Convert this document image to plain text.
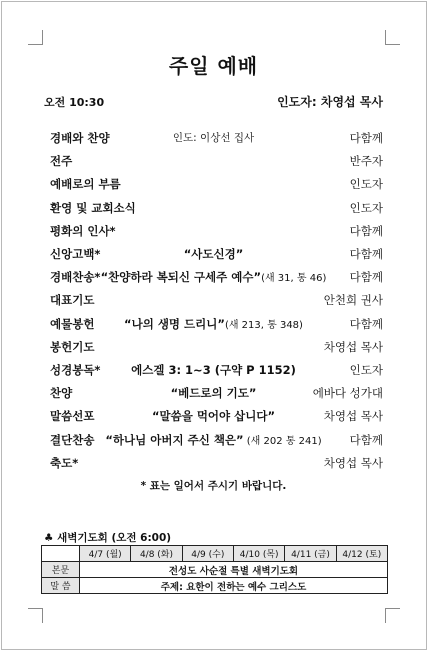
주일 예배
오전 10:30	인도자: 차영섭 목사
경배와 찬양	인도: 이상선 집사	다함께
전주	반주자
예배로의 부름	인도자
환영 및 교회소식	인도자
평화의 인사*	다함께
신앙고백*	“사도신경”	다함께
경배찬송* “찬양하라 복되신 구세주 예수”(새 31, 통 46)	다함께
대표기도	안천희 권사
예물봉헌	“나의 생명 드리니”(새 213, 통 348)	다함께
봉헌기도	차영섭 목사
성경봉독*	에스겔 3: 1~3 (구약 P 1152)	인도자
찬양	“베드로의 기도”	에바다 성가대
말씀선포	“말씀을 먹어야 삽니다”	차영섭 목사
결단찬송 “하나님 아버지 주신 책은” (새 202 통 241)	다함께
축도*	차영섭 목사
* 표는 일어서 주시기 바랍니다.
♣ 새벽기도회 (오전 6:00)
	4/7 (월)	4/8 (화)	4/9 (수)	4/10 (목)	4/11 (금)	4/12 (토)
본문	전성도 사순절 특별 새벽기도회					
말 씀	주제: 요한이 전하는 예수 그리스도					
